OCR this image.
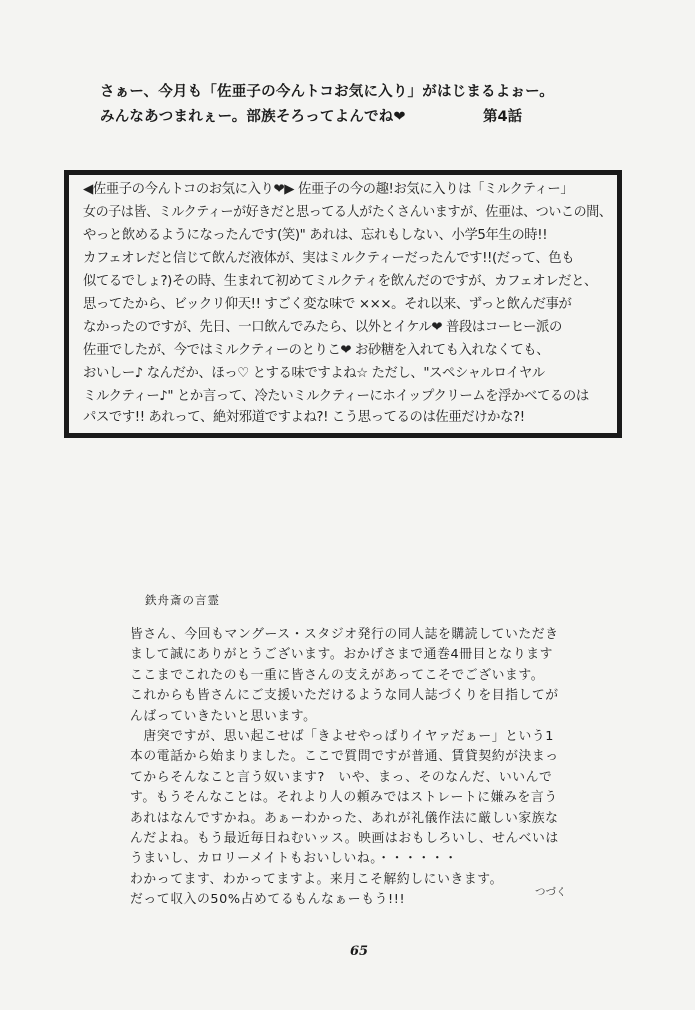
さぁー、今月も「佐亜子の今んトコお気に入り」がはじまるよぉー。
みんなあつまれぇー。部族そろってよんでね❤	第4話
◀佐亜子の今んトコのお気に入り❤▶ 佐亜子の今の趣!お気に入りは「ミルクティー」
女の子は皆、ミルクティーが好きだと思ってる人がたくさんいますが、佐亜は、ついこの間、
やっと飲めるようになったんです(笑)" あれは、忘れもしない、小学5年生の時!!
カフェオレだと信じて飲んだ液体が、実はミルクティーだったんです!!(だって、色も
似てるでしょ?)その時、生まれて初めてミルクティを飲んだのですが、カフェオレだと、
思ってたから、ビックリ仰天!! すごく変な味で ×××。それ以来、ずっと飲んだ事が
なかったのですが、先日、一口飲んでみたら、以外とイケル❤ 普段はコーヒー派の
佐亜でしたが、今ではミルクティーのとりこ❤ お砂糖を入れても入れなくても、
おいしー♪ なんだか、ほっ♡ とする味ですよね☆ ただし、"スペシャルロイヤル
ミルクティー♪" とか言って、冷たいミルクティーにホイップクリームを浮かべてるのは
パスです!! あれって、絶対邪道ですよね?! こう思ってるのは佐亜だけかな?!
鉄舟斎の言霊
皆さん、今回もマングース・スタジオ発行の同人誌を購読していただき
まして誠にありがとうございます。おかげさまで通巻4冊目となります
ここまでこれたのも一重に皆さんの支えがあってこそでございます。
これからも皆さんにご支援いただけるような同人誌づくりを目指してが
んばっていきたいと思います。
　唐突ですが、思い起こせば「きよせやっぱりイヤァだぁー」という1
本の電話から始まりました。ここで質問ですが普通、賃貸契約が決まっ
てからそんなこと言う奴います?　いや、まっ、そのなんだ、いいんで
す。もうそんなことは。それより人の頼みではストレートに嫌みを言う
あれはなんですかね。あぁーわかった、あれが礼儀作法に厳しい家族な
んだよね。もう最近毎日ねむいッス。映画はおもしろいし、せんべいは
うまいし、カロリーメイトもおいしいね。・・・・・・
わかってます、わかってますよ。来月こそ解約しにいきます。
だって収入の50%占めてるもんなぁーもう!!!
つづく
65
